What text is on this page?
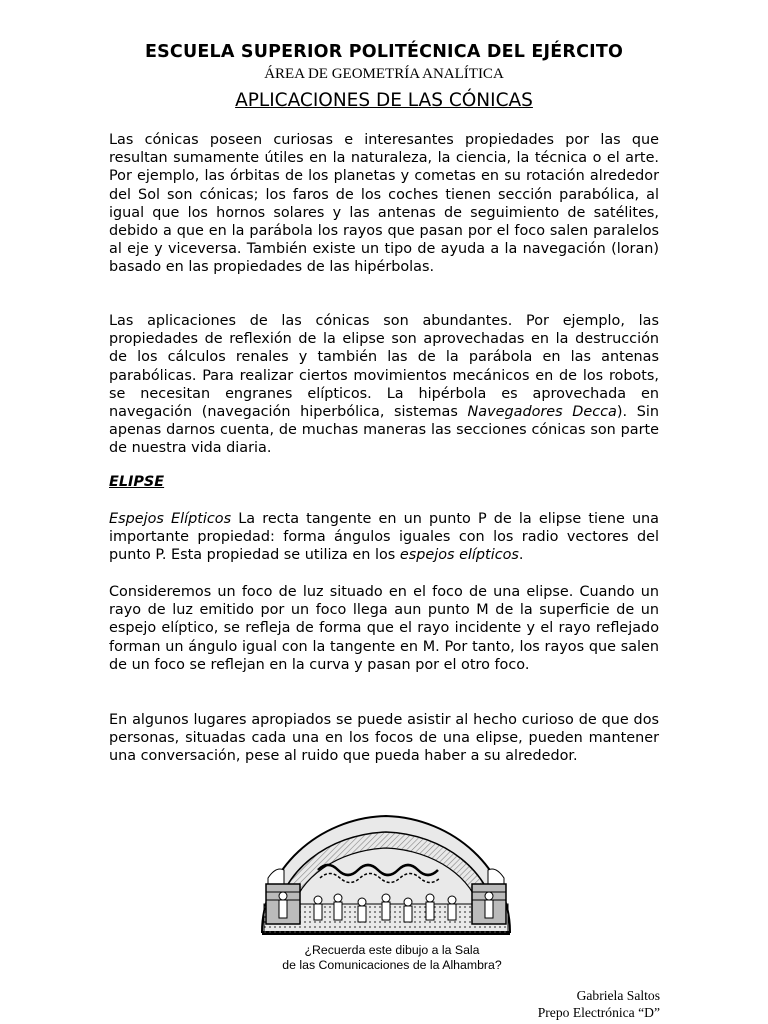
ESCUELA SUPERIOR POLITÉCNICA DEL EJÉRCITO
ÁREA DE GEOMETRÍA ANALÍTICA
APLICACIONES DE LAS CÓNICAS

Las cónicas poseen curiosas e interesantes propiedades por las que resultan sumamente útiles en la naturaleza, la ciencia, la técnica o el arte. Por ejemplo, las órbitas de los planetas y cometas en su rotación alrededor del Sol son cónicas; los faros de los coches tienen sección parabólica, al igual que los hornos solares y las antenas de seguimiento de satélites, debido a que en la parábola los rayos que pasan por el foco salen paralelos al eje y viceversa. También existe un tipo de ayuda a la navegación (loran) basado en las propiedades de las hipérbolas.

Las aplicaciones de las cónicas son abundantes. Por ejemplo, las propiedades de reflexión de la elipse son aprovechadas en la destrucción de los cálculos renales y también las de la parábola en las antenas parabólicas. Para realizar ciertos movimientos mecánicos en de los robots, se necesitan engranes elípticos. La hipérbola es aprovechada en navegación (navegación hiperbólica, sistemas Navegadores Decca). Sin apenas darnos cuenta, de muchas maneras las secciones cónicas son parte de nuestra vida diaria.

ELIPSE

Espejos Elípticos La recta tangente en un punto P de la elipse tiene una importante propiedad: forma ángulos iguales con los radio vectores del punto P. Esta propiedad se utiliza en los espejos elípticos.

Consideremos un foco de luz situado en el foco de una elipse. Cuando un rayo de luz emitido por un foco llega aun punto M de la superficie de un espejo elíptico, se refleja de forma que el rayo incidente y el rayo reflejado forman un ángulo igual con la tangente en M. Por tanto, los rayos que salen de un foco se reflejan en la curva y pasan por el otro foco.

En algunos lugares apropiados se puede asistir al hecho curioso de que dos personas, situadas cada una en los focos de una elipse, pueden mantener una conversación, pese al ruido que pueda haber a su alrededor.

¿Recuerda este dibujo a la Sala
de las Comunicaciones de la Alhambra?
Gabriela Saltos
Prepo Electrónica “D”
